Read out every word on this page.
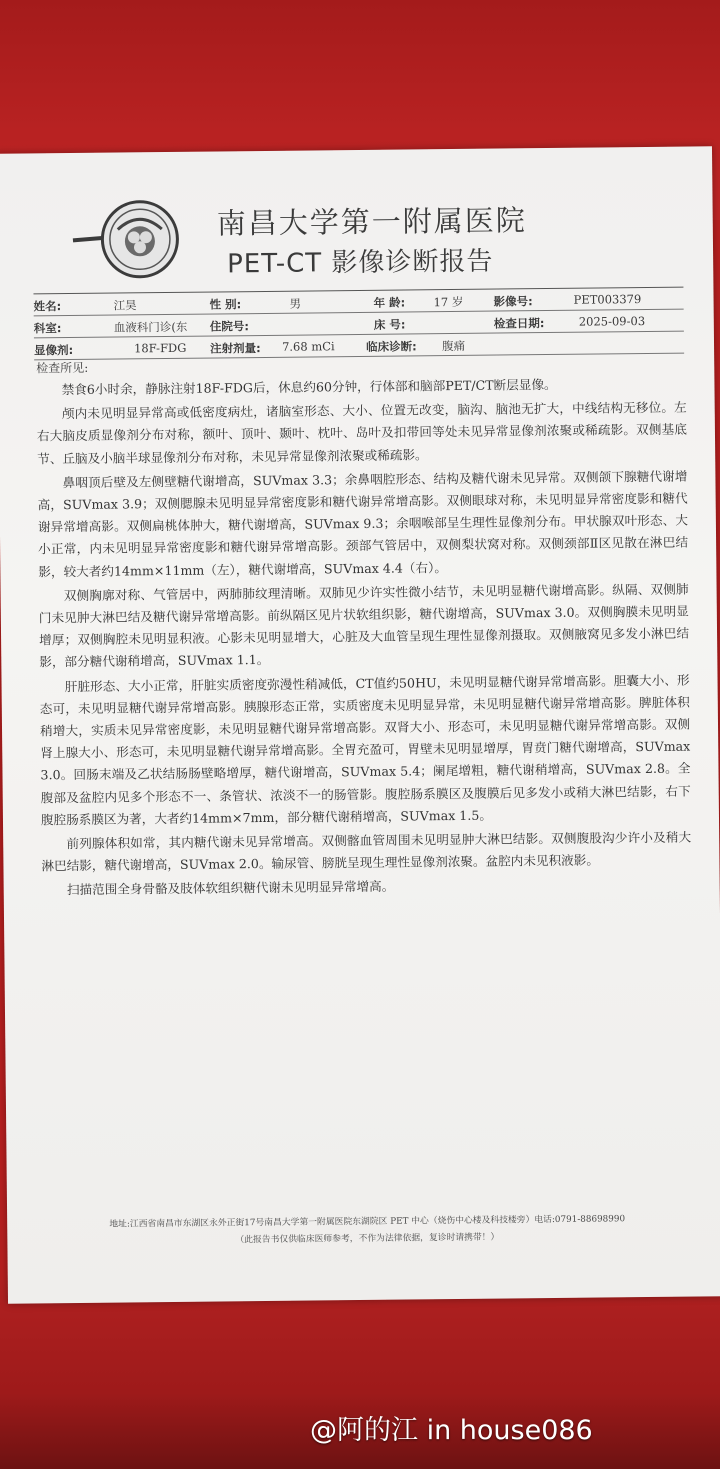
南昌大学第一附属医院
PET-CT 影像诊断报告
姓名:	江昊	性 别:	男	年 龄: 17 岁	影像号:	PET003379
科室:	血液科门诊(东 住院号:	床 号:	检查日期:	2025-09-03
显像剂:	18F-FDG 注射剂量: 7.68 mCi	临床诊断: 腹痛
检查所见:

禁食6小时余，静脉注射18F-FDG后，休息约60分钟，行体部和脑部PET/CT断层显像。

颅内未见明显异常高或低密度病灶，诸脑室形态、大小、位置无改变，脑沟、脑池无扩大，中线结构无移位。左右大脑皮质显像剂分布对称，额叶、顶叶、颞叶、枕叶、岛叶及扣带回等处未见异常显像剂浓聚或稀疏影。双侧基底节、丘脑及小脑半球显像剂分布对称，未见异常显像剂浓聚或稀疏影。

鼻咽顶后壁及左侧壁糖代谢增高，SUVmax 3.3；余鼻咽腔形态、结构及糖代谢未见异常。双侧颌下腺糖代谢增高，SUVmax 3.9；双侧腮腺未见明显异常密度影和糖代谢异常增高影。双侧眼球对称，未见明显异常密度影和糖代谢异常增高影。双侧扁桃体肿大，糖代谢增高，SUVmax 9.3；余咽喉部呈生理性显像剂分布。甲状腺双叶形态、大小正常，内未见明显异常密度影和糖代谢异常增高影。颈部气管居中，双侧梨状窝对称。双侧颈部Ⅱ区见散在淋巴结影，较大者约14mm×11mm（左），糖代谢增高，SUVmax 4.4（右）。

双侧胸廓对称、气管居中，两肺肺纹理清晰。双肺见少许实性微小结节，未见明显糖代谢增高影。纵隔、双侧肺门未见肿大淋巴结及糖代谢异常增高影。前纵隔区见片状软组织影，糖代谢增高，SUVmax 3.0。双侧胸膜未见明显增厚；双侧胸腔未见明显积液。心影未见明显增大，心脏及大血管呈现生理性显像剂摄取。双侧腋窝见多发小淋巴结影，部分糖代谢稍增高，SUVmax 1.1。

肝脏形态、大小正常，肝脏实质密度弥漫性稍减低，CT值约50HU，未见明显糖代谢异常增高影。胆囊大小、形态可，未见明显糖代谢异常增高影。胰腺形态正常，实质密度未见明显异常，未见明显糖代谢异常增高影。脾脏体积稍增大，实质未见异常密度影，未见明显糖代谢异常增高影。双肾大小、形态可，未见明显糖代谢异常增高影。双侧肾上腺大小、形态可，未见明显糖代谢异常增高影。全胃充盈可，胃壁未见明显增厚，胃贲门糖代谢增高，SUVmax 3.0。回肠末端及乙状结肠肠壁略增厚，糖代谢增高，SUVmax 5.4；阑尾增粗，糖代谢稍增高，SUVmax 2.8。全腹部及盆腔内见多个形态不一、条管状、浓淡不一的肠管影。腹腔肠系膜区及腹膜后见多发小或稍大淋巴结影，右下腹腔肠系膜区为著，大者约14mm×7mm，部分糖代谢稍增高，SUVmax 1.5。

前列腺体积如常，其内糖代谢未见异常增高。双侧髂血管周围未见明显肿大淋巴结影。双侧腹股沟少许小及稍大淋巴结影，糖代谢增高，SUVmax 2.0。输尿管、膀胱呈现生理性显像剂浓聚。盆腔内未见积液影。

扫描范围全身骨骼及肢体软组织糖代谢未见明显异常增高。

地址:江西省南昌市东湖区永外正街17号南昌大学第一附属医院东湖院区 PET 中心（烧伤中心楼及科技楼旁）电话:0791-88698990
（此报告书仅供临床医师参考，不作为法律依据，复诊时请携带！）
@阿的江 in house086
